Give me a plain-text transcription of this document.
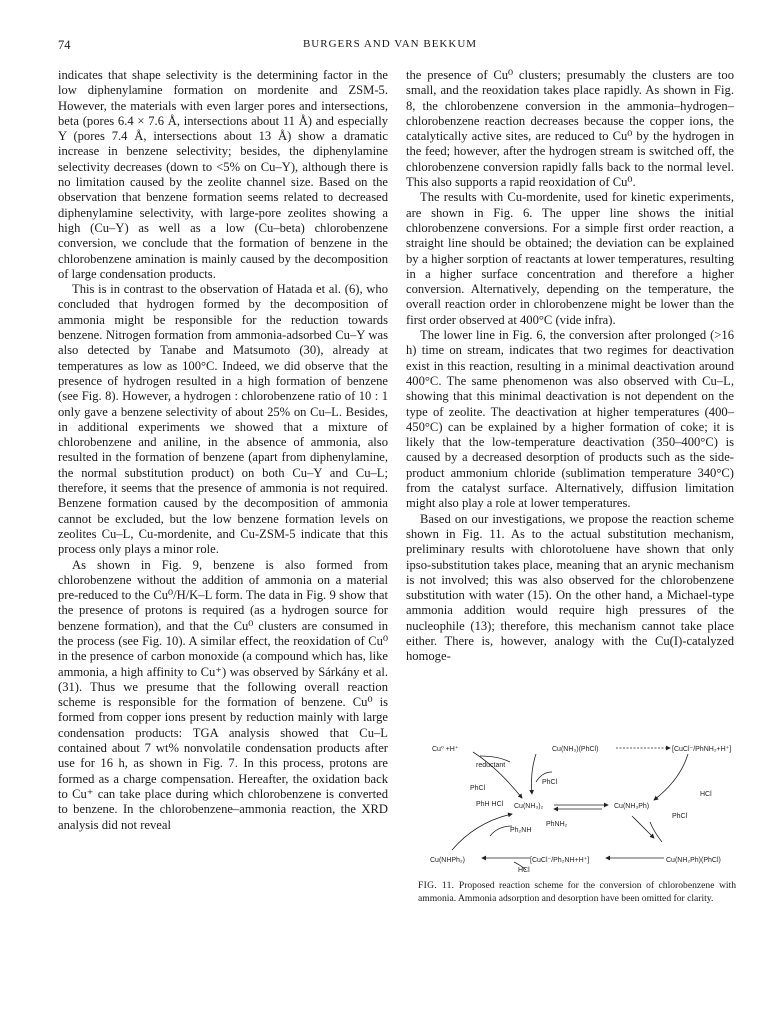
74	BURGERS AND VAN BEKKUM

indicates that shape selectivity is the determining factor in the low diphenylamine formation on mordenite and ZSM-5. However, the materials with even larger pores and intersections, beta (pores 6.4 × 7.6 Å, intersections about 11 Å) and especially Y (pores 7.4 Å, intersections about 13 Å) show a dramatic increase in benzene selectivity; besides, the diphenylamine selectivity decreases (down to <5% on Cu–Y), although there is no limitation caused by the zeolite channel size. Based on the observation that benzene formation seems related to decreased diphenylamine selectivity, with large-pore zeolites showing a high (Cu–Y) as well as a low (Cu–beta) chlorobenzene conversion, we conclude that the formation of benzene in the chlorobenzene amination is mainly caused by the decomposition of large condensation products.

This is in contrast to the observation of Hatada et al. (6), who concluded that hydrogen formed by the decomposition of ammonia might be responsible for the reduction towards benzene. Nitrogen formation from ammonia-adsorbed Cu–Y was also detected by Tanabe and Matsumoto (30), already at temperatures as low as 100°C. Indeed, we did observe that the presence of hydrogen resulted in a high formation of benzene (see Fig. 8). However, a hydrogen : chlorobenzene ratio of 10 : 1 only gave a benzene selectivity of about 25% on Cu–L. Besides, in additional experiments we showed that a mixture of chlorobenzene and aniline, in the absence of ammonia, also resulted in the formation of benzene (apart from diphenylamine, the normal substitution product) on both Cu–Y and Cu–L; therefore, it seems that the presence of ammonia is not required. Benzene formation caused by the decomposition of ammonia cannot be excluded, but the low benzene formation levels on zeolites Cu–L, Cu-mordenite, and Cu-ZSM-5 indicate that this process only plays a minor role.

As shown in Fig. 9, benzene is also formed from chlorobenzene without the addition of ammonia on a material pre-reduced to the Cu⁰/H/K–L form. The data in Fig. 9 show that the presence of protons is required (as a hydrogen source for benzene formation), and that the Cu⁰ clusters are consumed in the process (see Fig. 10). A similar effect, the reoxidation of Cu⁰ in the presence of carbon monoxide (a compound which has, like ammonia, a high affinity to Cu⁺) was observed by Sárkány et al. (31). Thus we presume that the following overall reaction scheme is responsible for the formation of benzene. Cu⁰ is formed from copper ions present by reduction mainly with large condensation products: TGA analysis showed that Cu–L contained about 7 wt% nonvolatile condensation products after use for 16 h, as shown in Fig. 7. In this process, protons are formed as a charge compensation. Hereafter, the oxidation back to Cu⁺ can take place during which chlorobenzene is converted to benzene. In the chlorobenzene–ammonia reaction, the XRD analysis did not reveal

the presence of Cu⁰ clusters; presumably the clusters are too small, and the reoxidation takes place rapidly. As shown in Fig. 8, the chlorobenzene conversion in the ammonia–hydrogen–chlorobenzene reaction decreases because the copper ions, the catalytically active sites, are reduced to Cu⁰ by the hydrogen in the feed; however, after the hydrogen stream is switched off, the chlorobenzene conversion rapidly falls back to the normal level. This also supports a rapid reoxidation of Cu⁰.

The results with Cu-mordenite, used for kinetic experiments, are shown in Fig. 6. The upper line shows the initial chlorobenzene conversions. For a simple first order reaction, a straight line should be obtained; the deviation can be explained by a higher sorption of reactants at lower temperatures, resulting in a higher surface concentration and therefore a higher conversion. Alternatively, depending on the temperature, the overall reaction order in chlorobenzene might be lower than the first order observed at 400°C (vide infra).

The lower line in Fig. 6, the conversion after prolonged (>16 h) time on stream, indicates that two regimes for deactivation exist in this reaction, resulting in a minimal deactivation around 400°C. The same phenomenon was also observed with Cu–L, showing that this minimal deactivation is not dependent on the type of zeolite. The deactivation at higher temperatures (400–450°C) can be explained by a higher formation of coke; it is likely that the low-temperature deactivation (350–400°C) is caused by a decreased desorption of products such as the side-product ammonium chloride (sublimation temperature 340°C) from the catalyst surface. Alternatively, diffusion limitation might also play a role at lower temperatures.

Based on our investigations, we propose the reaction scheme shown in Fig. 11. As to the actual substitution mechanism, preliminary results with chlorotoluene have shown that only ipso-substitution takes place, meaning that an arynic mechanism is not involved; this was also observed for the chlorobenzene substitution with water (15). On the other hand, a Michael-type ammonia addition would require high pressures of the nucleophile (13); therefore, this mechanism cannot take place either. There is, however, analogy with the Cu(I)-catalyzed homoge-

Cu⁰ +H⁺
reductant
Cu(NH₃)(PhCl)	[CuCl⁻/PhNH₂+H⁺]
PhCl
PhCl
HCl
PhH HCl Cu(NH₃)₂	Cu(NH₃Ph)
PhCl
PhNH₂
Ph₂NH
Cu(NHPh₂)	[CuCl⁻/Ph₂NH+H⁺]
HCl
Cu(NH₂Ph)(PhCl)
FIG. 11. Proposed reaction scheme for the conversion of chlorobenzene with ammonia. Ammonia adsorption and desorption have been omitted for clarity.
